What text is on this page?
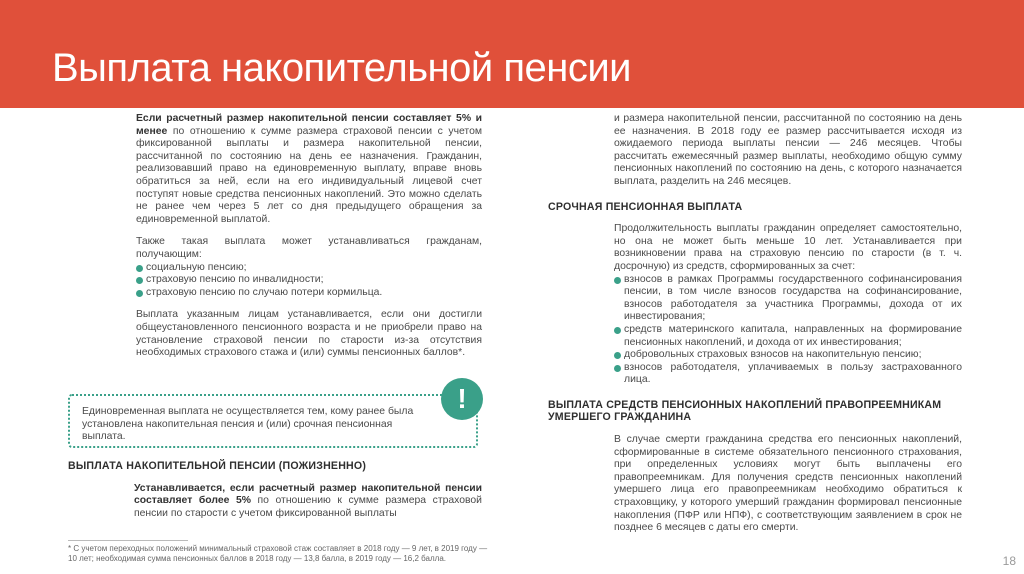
Выплата накопительной пенсии

Если расчетный размер накопительной пенсии составляет 5% и менее по отношению к сумме размера страховой пенсии с учетом фиксированной выплаты и размера накопительной пенсии, рассчитанной по состоянию на день ее назначения. Гражданин, реализовавший право на единовременную выплату, вправе вновь обратиться за ней, если на его индивидуальный лицевой счет поступят новые средства пенсионных накоплений. Это можно сделать не ранее чем через 5 лет со дня предыдущего обращения за единовременной выплатой.

Также такая выплата может устанавливаться гражданам, получающим:

социальную пенсию;
страховую пенсию по инвалидности;
страховую пенсию по случаю потери кормильца.

Выплата указанным лицам устанавливается, если они достигли общеустановленного пенсионного возраста и не приобрели право на установление страховой пенсии по старости из-за отсутствия необходимых страхового стажа и (или) суммы пенсионных баллов*.

Единовременная выплата не осуществляется тем, кому ранее была установлена накопительная пенсия и (или) срочная пенсионная выплата.
!

ВЫПЛАТА НАКОПИТЕЛЬНОЙ ПЕНСИИ (ПОЖИЗНЕННО)

Устанавливается, если расчетный размер накопительной пенсии составляет более 5% по отношению к сумме размера страховой пенсии по старости с учетом фиксированной выплаты

* С учетом переходных положений минимальный страховой стаж составляет в 2018 году — 9 лет, в 2019 году — 10 лет; необходимая сумма пенсионных баллов в 2018 году — 13,8 балла, в 2019 году — 16,2 балла.

и размера накопительной пенсии, рассчитанной по состоянию на день ее назначения. В 2018 году ее размер рассчитывается исходя из ожидаемого периода выплаты пенсии — 246 месяцев. Чтобы рассчитать ежемесячный размер выплаты, необходимо общую сумму пенсионных накоплений по состоянию на день, с которого назначается выплата, разделить на 246 месяцев.

СРОЧНАЯ ПЕНСИОННАЯ ВЫПЛАТА

Продолжительность выплаты гражданин определяет самостоятельно, но она не может быть меньше 10 лет. Устанавливается при возникновении права на страховую пенсию по старости (в т. ч. досрочную) из средств, сформированных за счет:

взносов в рамках Программы государственного софинансирования пенсии, в том числе взносов государства на софинансирование, взносов работодателя за участника Программы, дохода от их инвестирования;
средств материнского капитала, направленных на формирование пенсионных накоплений, и дохода от их инвестирования;
добровольных страховых взносов на накопительную пенсию;
взносов работодателя, уплачиваемых в пользу застрахованного лица.

ВЫПЛАТА СРЕДСТВ ПЕНСИОННЫХ НАКОПЛЕНИЙ ПРАВОПРЕЕМНИКАМ УМЕРШЕГО ГРАЖДАНИНА

В случае смерти гражданина средства его пенсионных накоплений, сформированные в системе обязательного пенсионного страхования, при определенных условиях могут быть выплачены его правопреемникам. Для получения средств пенсионных накоплений умершего лица его правопреемникам необходимо обратиться к страховщику, у которого умерший гражданин формировал пенсионные накопления (ПФР или НПФ), с соответствующим заявлением в срок не позднее 6 месяцев с даты его смерти.

18
